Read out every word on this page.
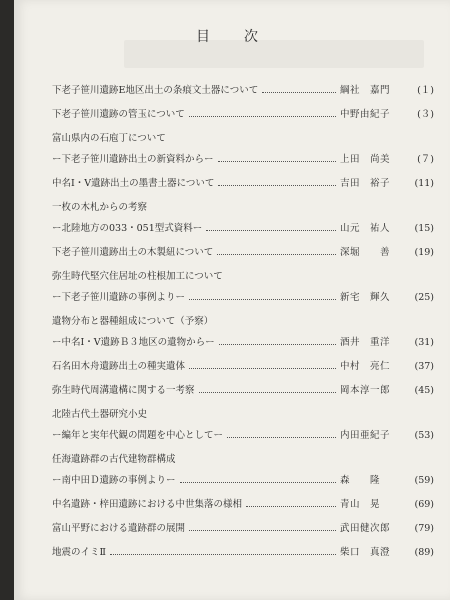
目　次
下老子笹川遺跡E地区出土の条痕文土器について	綱社　嘉門	(１)
下老子笹川遺跡の管玉について	中野由紀子	(３)
富山県内の石庖丁について
ー下老子笹川遺跡出土の新資料からー	上田　尚美	(７)
中名Ⅰ・Ⅴ遺跡出土の墨書土器について	吉田　裕子	(11)
一枚の木札からの考察
ー北陸地方の033・051型式資料ー	山元　祐人	(15)
下老子笹川遺跡出土の木製紐について	深堀　　善	(19)
弥生時代堅穴住居址の柱根加工について
ー下老子笹川遺跡の事例よりー	新宅　輝久	(25)
遺物分布と器種組成について（予察）
ー中名Ⅰ・Ⅴ遺跡Ｂ３地区の遺物からー	酒井　重洋	(31)
石名田木舟遺跡出土の種実遺体	中村　亮仁	(37)
弥生時代周溝遺構に関する一考察	岡本淳一郎	(45)
北陸古代土器研究小史
ー編年と実年代観の問題を中心としてー	内田亜紀子	(53)
任海遺跡群の古代建物群構成
ー南中田Ｄ遺跡の事例よりー	森　　隆	(59)
中名遺跡・梓田遺跡における中世集落の様相	青山　晃	(69)
富山平野における遺跡群の展開	武田健次郎	(79)
地震のイミⅡ	柴口　真澄	(89)
